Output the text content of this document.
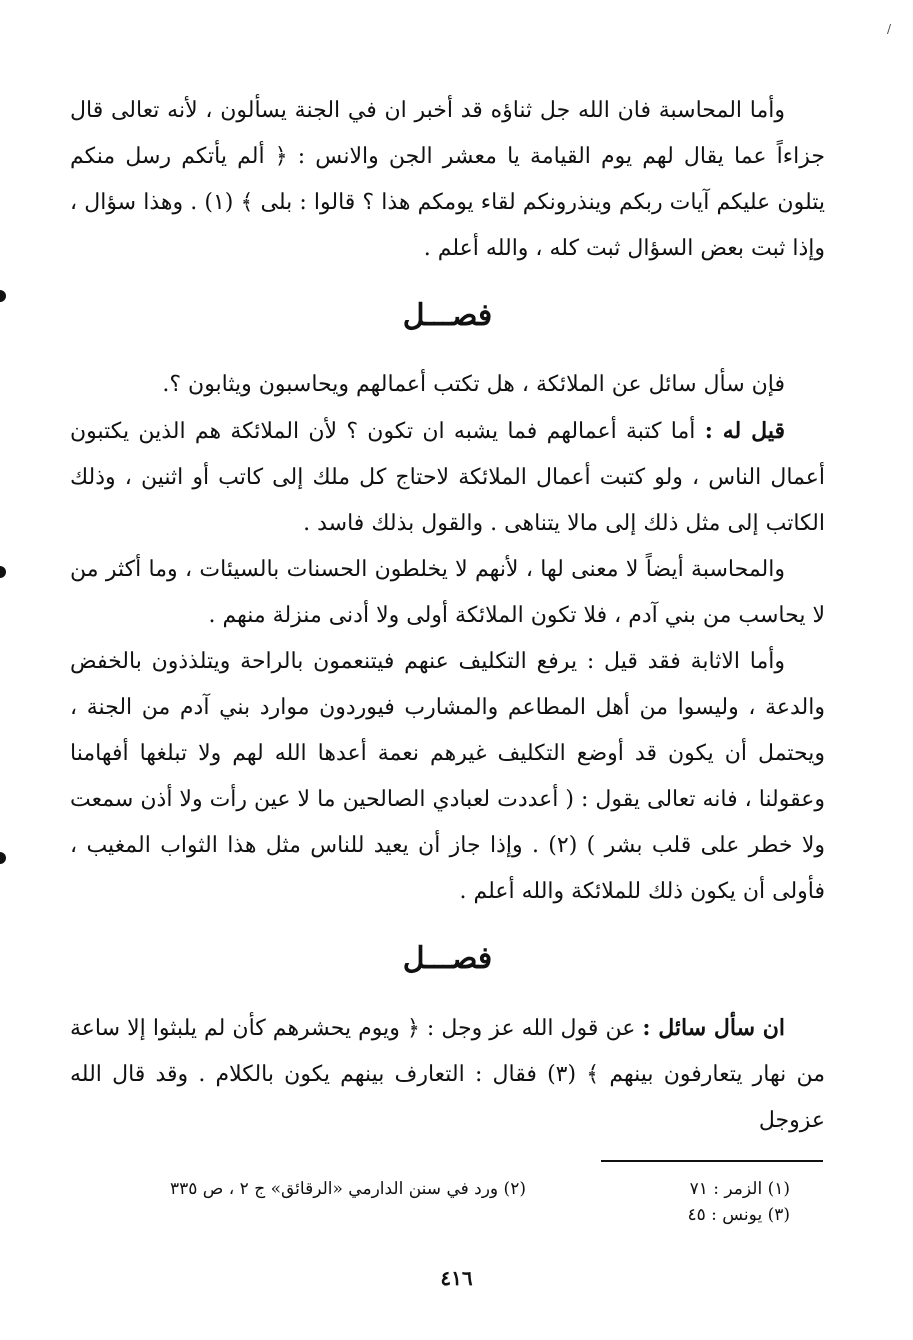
/

وأما المحاسبة فان الله جل ثناؤه قد أخبر ان في الجنة يسألون ، لأنه تعالى قال جزاءاً عما يقال لهم يوم القيامة يا معشر الجن والانس : ﴿ ألم يأتكم رسل منكم يتلون عليكم آيات ربكم وينذرونكم لقاء يومكم هذا ؟ قالوا : بلى ﴾ (١) . وهذا سؤال ، وإذا ثبت بعض السؤال ثبت كله ، والله أعلم .

فصـــل

فإن سأل سائل عن الملائكة ، هل تكتب أعمالهم ويحاسبون ويثابون ؟.

قيل له : أما كتبة أعمالهم فما يشبه ان تكون ؟ لأن الملائكة هم الذين يكتبون أعمال الناس ، ولو كتبت أعمال الملائكة لاحتاج كل ملك إلى كاتب أو اثنين ، وذلك الكاتب إلى مثل ذلك إلى مالا يتناهى . والقول بذلك فاسد .

والمحاسبة أيضاً لا معنى لها ، لأنهم لا يخلطون الحسنات بالسيئات ، وما أكثر من لا يحاسب من بني آدم ، فلا تكون الملائكة أولى ولا أدنى منزلة منهم .

وأما الاثابة فقد قيل : يرفع التكليف عنهم فيتنعمون بالراحة ويتلذذون بالخفض والدعة ، وليسوا من أهل المطاعم والمشارب فيوردون موارد بني آدم من الجنة ، ويحتمل أن يكون قد أوضع التكليف غيرهم نعمة أعدها الله لهم ولا تبلغها أفهامنا وعقولنا ، فانه تعالى يقول : ( أعددت لعبادي الصالحين ما لا عين رأت ولا أذن سمعت ولا خطر على قلب بشر ) (٢) . وإذا جاز أن يعيد للناس مثل هذا الثواب المغيب ، فأولى أن يكون ذلك للملائكة والله أعلم .

فصـــل

ان سأل سائل : عن قول الله عز وجل : ﴿ ويوم يحشرهم كأن لم يلبثوا إلا ساعة من نهار يتعارفون بينهم ﴾ (٣) فقال : التعارف بينهم يكون بالكلام . وقد قال الله عزوجل

(١) الزمر : ٧١
(٢) ورد في سنن الدارمي «الرقائق» ج ٢ ، ص ٣٣٥
(٣) يونس : ٤٥
٤١٦
